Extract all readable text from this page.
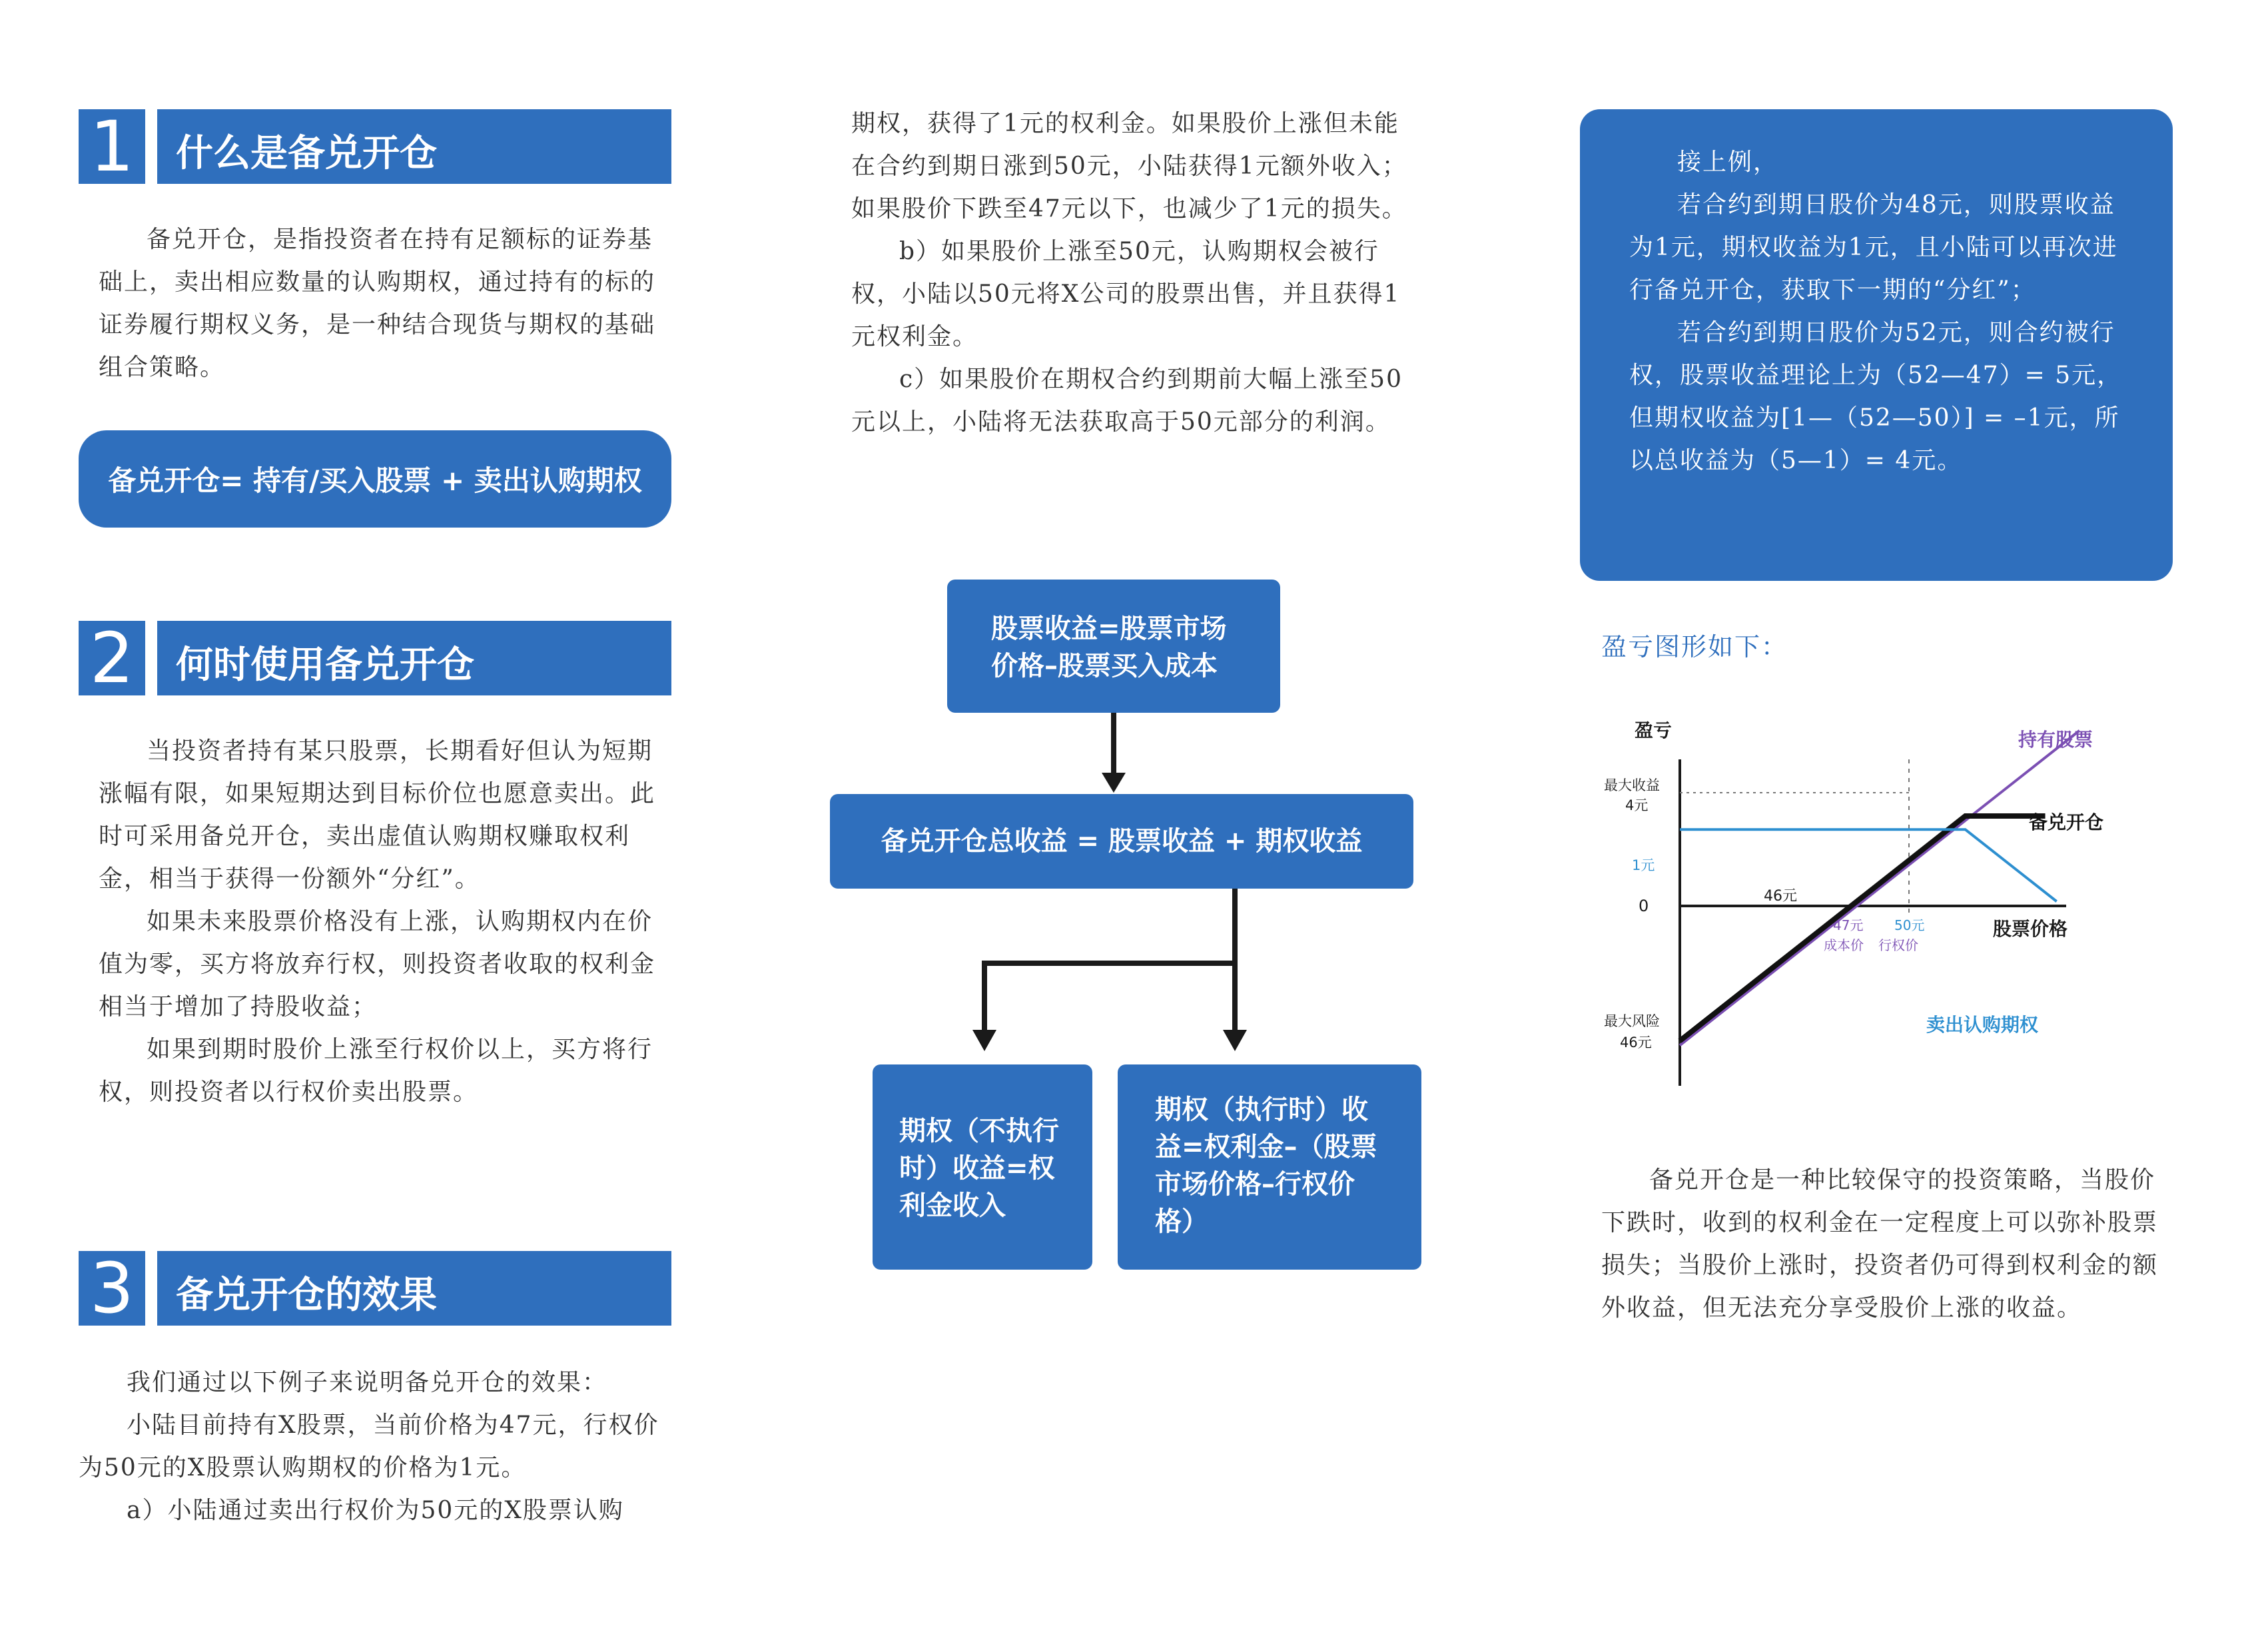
1	什么是备兑开仓

备兑开仓，是指投资者在持有足额标的证券基础上，卖出相应数量的认购期权，通过持有的标的证券履行期权义务，是一种结合现货与期权的基础组合策略。

备兑开仓= 持有/买入股票 + 卖出认购期权
2	何时使用备兑开仓

当投资者持有某只股票，长期看好但认为短期涨幅有限，如果短期达到目标价位也愿意卖出。此时可采用备兑开仓，卖出虚值认购期权赚取权利金，相当于获得一份额外“分红”。

如果未来股票价格没有上涨，认购期权内在价值为零，买方将放弃行权，则投资者收取的权利金相当于增加了持股收益；

如果到期时股价上涨至行权价以上，买方将行权，则投资者以行权价卖出股票。

3	备兑开仓的效果

我们通过以下例子来说明备兑开仓的效果：

小陆目前持有X股票，当前价格为47元，行权价为50元的X股票认购期权的价格为1元。

a）小陆通过卖出行权价为50元的X股票认购

期权，获得了1元的权利金。如果股价上涨但未能在合约到期日涨到50元，小陆获得1元额外收入；如果股价下跌至47元以下，也减少了1元的损失。

b）如果股价上涨至50元，认购期权会被行权，小陆以50元将X公司的股票出售，并且获得1元权利金。

c）如果股价在期权合约到期前大幅上涨至50元以上，小陆将无法获取高于50元部分的利润。

股票收益=股票市场
价格–股票买入成本
备兑开仓总收益 = 股票收益 + 期权收益
期权（不执行
时）收益=权
利金收入
期权（执行时）收
益=权利金–（股票
市场价格–行权价
格）

接上例，

若合约到期日股价为48元，则股票收益为1元，期权收益为1元，且小陆可以再次进行备兑开仓，获取下一期的“分红”；

若合约到期日股价为52元，则合约被行权，股票收益理论上为（52—47）= 5元，但期权收益为[1—（52—50）] = –1元，所以总收益为（5—1）= 4元。

盈亏图形如下：
盈亏
最大收益
4元
1元
0
最大风险
46元
46元
47元 50元
成本价 行权价
股票价格
持有股票
备兑开仓
卖出认购期权

备兑开仓是一种比较保守的投资策略，当股价下跌时，收到的权利金在一定程度上可以弥补股票损失；当股价上涨时，投资者仍可得到权利金的额外收益，但无法充分享受股价上涨的收益。
